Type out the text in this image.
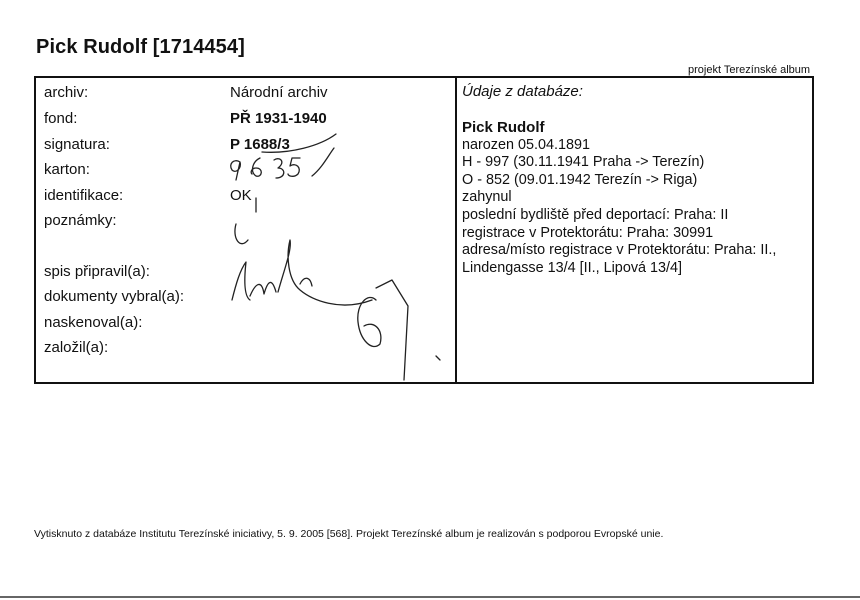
Pick Rudolf [1714454]
projekt Terezínské album
archiv:
fond:
signatura:
karton:
identifikace:
poznámky:
spis připravil(a):
dokumenty vybral(a):
naskenoval(a):
založil(a):
Národní archiv
PŘ 1931-1940
P 1688/3
OK
Údaje z databáze:
Pick Rudolf
narozen 05.04.1891
H - 997 (30.11.1941 Praha -> Terezín)
O - 852 (09.01.1942 Terezín -> Riga)
zahynul
poslední bydliště před deportací: Praha: II
registrace v Protektorátu: Praha: 30991
adresa/místo registrace v Protektorátu: Praha: II.,
Lindengasse 13/4 [II., Lipová 13/4]
Vytisknuto z databáze Institutu Terezínské iniciativy, 5. 9. 2005 [568]. Projekt Terezínské album je realizován s podporou Evropské unie.
